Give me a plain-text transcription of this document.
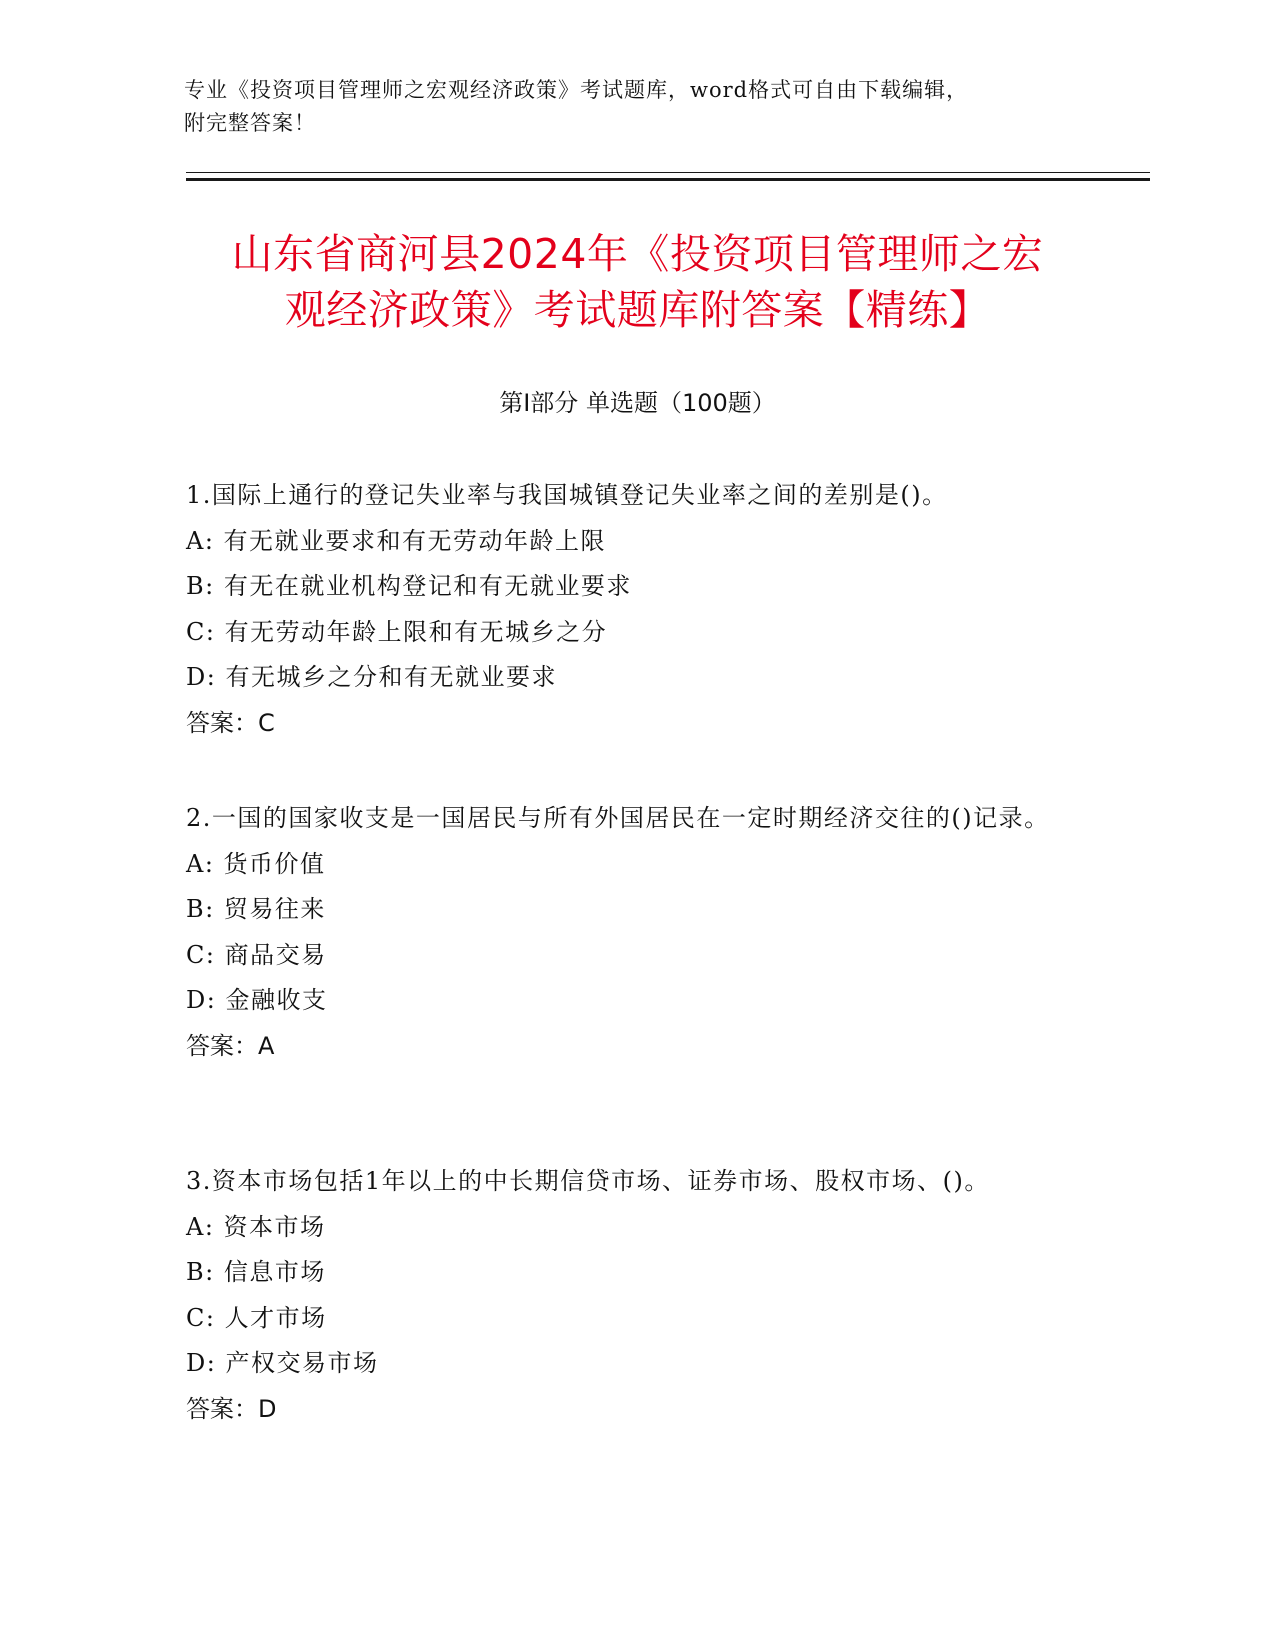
专业《投资项目管理师之宏观经济政策》考试题库，word格式可自由下载编辑，
附完整答案！
山东省商河县2024年《投资项目管理师之宏
观经济政策》考试题库附答案【精练】
第Ⅰ部分 单选题（100题）
1.国际上通行的登记失业率与我国城镇登记失业率之间的差别是()。
A: 有无就业要求和有无劳动年龄上限
B: 有无在就业机构登记和有无就业要求
C: 有无劳动年龄上限和有无城乡之分
D: 有无城乡之分和有无就业要求
答案：C
2.一国的国家收支是一国居民与所有外国居民在一定时期经济交往的()记录。
A: 货币价值
B: 贸易往来
C: 商品交易
D: 金融收支
答案：A
3.资本市场包括1年以上的中长期信贷市场、证券市场、股权市场、()。
A: 资本市场
B: 信息市场
C: 人才市场
D: 产权交易市场
答案：D
